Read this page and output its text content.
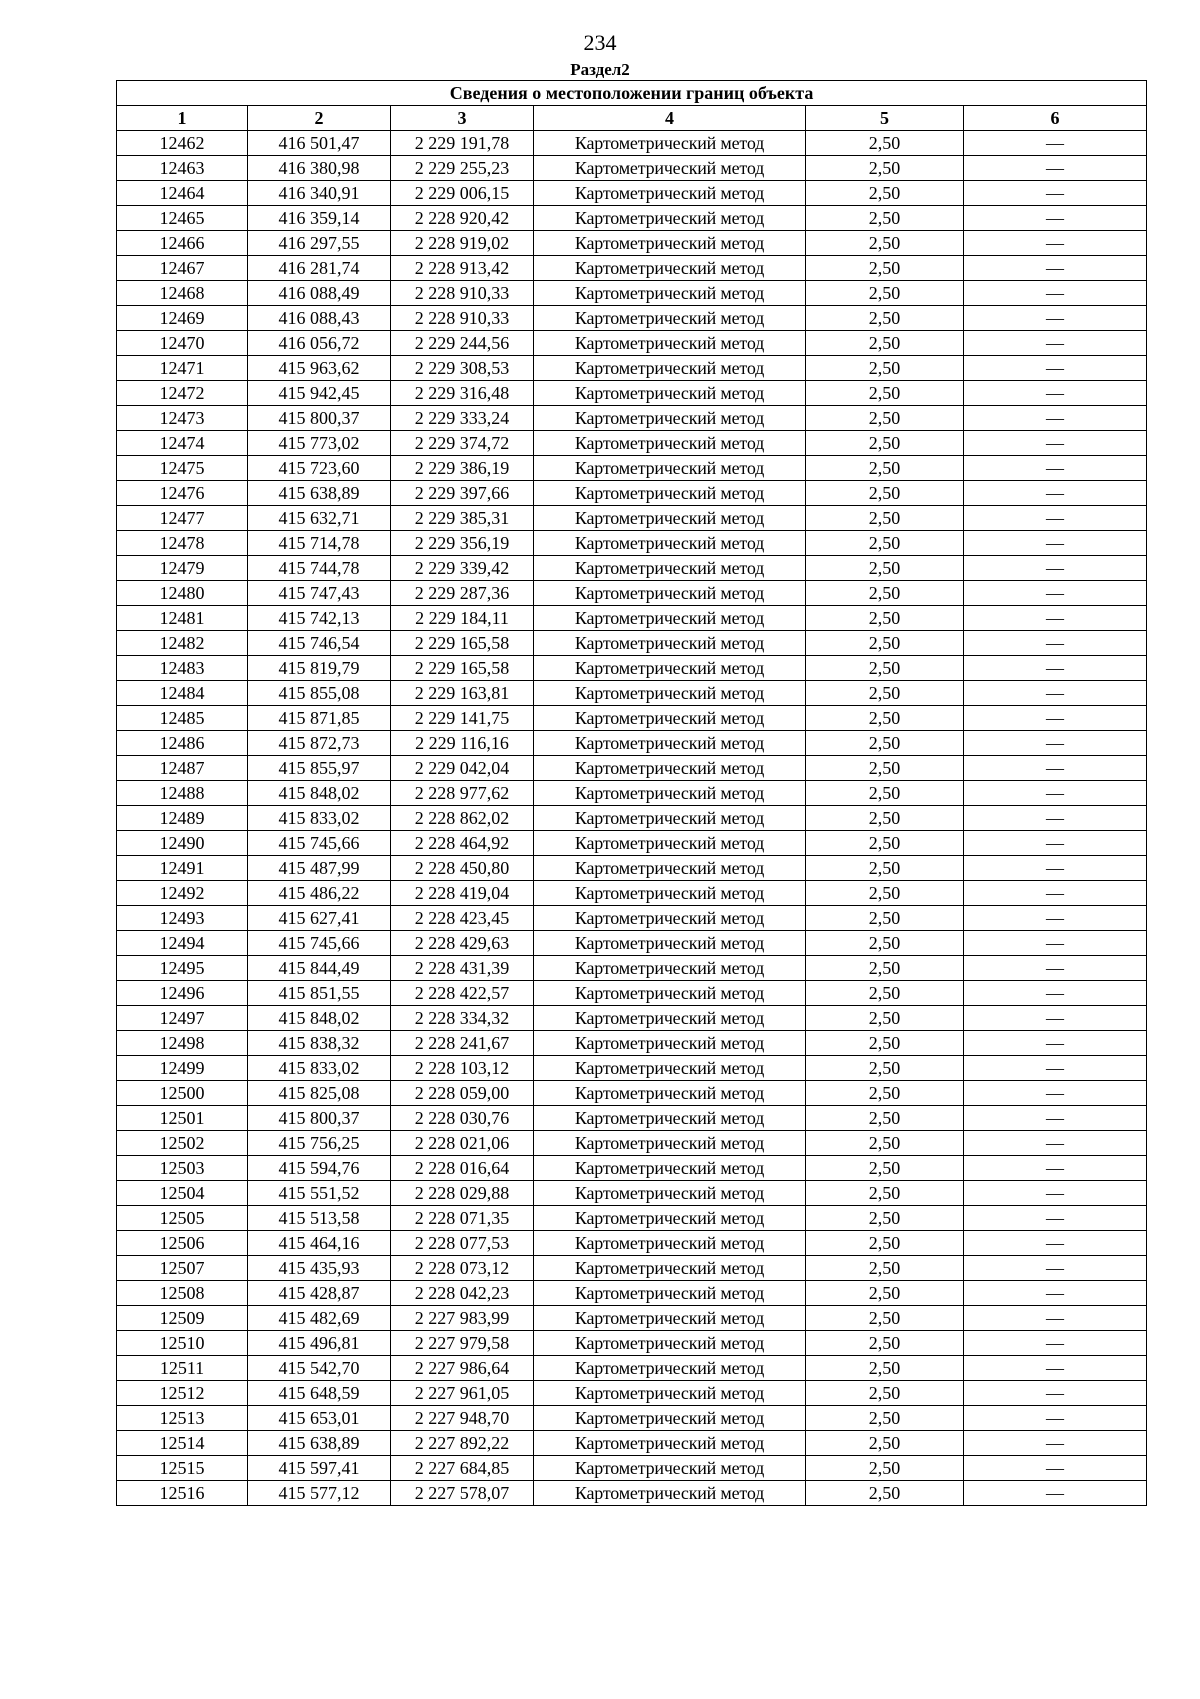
234
Раздел2
Сведения о местоположении границ объекта					
1	2	3	4	5	6
12462	416 501,47	2 229 191,78	Картометрический метод	2,50	—
12463	416 380,98	2 229 255,23	Картометрический метод	2,50	—
12464	416 340,91	2 229 006,15	Картометрический метод	2,50	—
12465	416 359,14	2 228 920,42	Картометрический метод	2,50	—
12466	416 297,55	2 228 919,02	Картометрический метод	2,50	—
12467	416 281,74	2 228 913,42	Картометрический метод	2,50	—
12468	416 088,49	2 228 910,33	Картометрический метод	2,50	—
12469	416 088,43	2 228 910,33	Картометрический метод	2,50	—
12470	416 056,72	2 229 244,56	Картометрический метод	2,50	—
12471	415 963,62	2 229 308,53	Картометрический метод	2,50	—
12472	415 942,45	2 229 316,48	Картометрический метод	2,50	—
12473	415 800,37	2 229 333,24	Картометрический метод	2,50	—
12474	415 773,02	2 229 374,72	Картометрический метод	2,50	—
12475	415 723,60	2 229 386,19	Картометрический метод	2,50	—
12476	415 638,89	2 229 397,66	Картометрический метод	2,50	—
12477	415 632,71	2 229 385,31	Картометрический метод	2,50	—
12478	415 714,78	2 229 356,19	Картометрический метод	2,50	—
12479	415 744,78	2 229 339,42	Картометрический метод	2,50	—
12480	415 747,43	2 229 287,36	Картометрический метод	2,50	—
12481	415 742,13	2 229 184,11	Картометрический метод	2,50	—
12482	415 746,54	2 229 165,58	Картометрический метод	2,50	—
12483	415 819,79	2 229 165,58	Картометрический метод	2,50	—
12484	415 855,08	2 229 163,81	Картометрический метод	2,50	—
12485	415 871,85	2 229 141,75	Картометрический метод	2,50	—
12486	415 872,73	2 229 116,16	Картометрический метод	2,50	—
12487	415 855,97	2 229 042,04	Картометрический метод	2,50	—
12488	415 848,02	2 228 977,62	Картометрический метод	2,50	—
12489	415 833,02	2 228 862,02	Картометрический метод	2,50	—
12490	415 745,66	2 228 464,92	Картометрический метод	2,50	—
12491	415 487,99	2 228 450,80	Картометрический метод	2,50	—
12492	415 486,22	2 228 419,04	Картометрический метод	2,50	—
12493	415 627,41	2 228 423,45	Картометрический метод	2,50	—
12494	415 745,66	2 228 429,63	Картометрический метод	2,50	—
12495	415 844,49	2 228 431,39	Картометрический метод	2,50	—
12496	415 851,55	2 228 422,57	Картометрический метод	2,50	—
12497	415 848,02	2 228 334,32	Картометрический метод	2,50	—
12498	415 838,32	2 228 241,67	Картометрический метод	2,50	—
12499	415 833,02	2 228 103,12	Картометрический метод	2,50	—
12500	415 825,08	2 228 059,00	Картометрический метод	2,50	—
12501	415 800,37	2 228 030,76	Картометрический метод	2,50	—
12502	415 756,25	2 228 021,06	Картометрический метод	2,50	—
12503	415 594,76	2 228 016,64	Картометрический метод	2,50	—
12504	415 551,52	2 228 029,88	Картометрический метод	2,50	—
12505	415 513,58	2 228 071,35	Картометрический метод	2,50	—
12506	415 464,16	2 228 077,53	Картометрический метод	2,50	—
12507	415 435,93	2 228 073,12	Картометрический метод	2,50	—
12508	415 428,87	2 228 042,23	Картометрический метод	2,50	—
12509	415 482,69	2 227 983,99	Картометрический метод	2,50	—
12510	415 496,81	2 227 979,58	Картометрический метод	2,50	—
12511	415 542,70	2 227 986,64	Картометрический метод	2,50	—
12512	415 648,59	2 227 961,05	Картометрический метод	2,50	—
12513	415 653,01	2 227 948,70	Картометрический метод	2,50	—
12514	415 638,89	2 227 892,22	Картометрический метод	2,50	—
12515	415 597,41	2 227 684,85	Картометрический метод	2,50	—
12516	415 577,12	2 227 578,07	Картометрический метод	2,50	—
